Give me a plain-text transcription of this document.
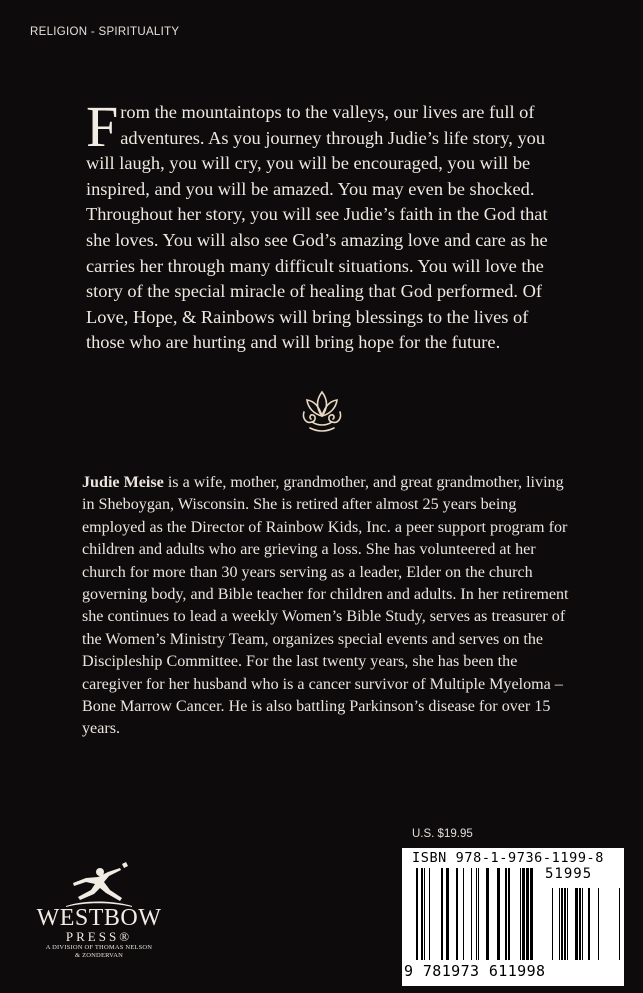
RELIGION - SPIRITUALITY

From the mountaintops to the valleys, our lives are full of adventures. As you journey through Judie’s life story, you will laugh, you will cry, you will be encouraged, you will be inspired, and you will be amazed. You may even be shocked. Throughout her story, you will see Judie’s faith in the God that she loves. You will also see God’s amazing love and care as he carries her through many difficult situations. You will love the story of the special miracle of healing that God performed. Of Love, Hope, & Rainbows will bring blessings to the lives of those who are hurting and will bring hope for the future.

Judie Meise is a wife, mother, grandmother, and great grandmother, living in Sheboygan, Wisconsin. She is retired after almost 25 years being employed as the Director of Rainbow Kids, Inc. a peer support program for children and adults who are grieving a loss. She has volunteered at her church for more than 30 years serving as a leader, Elder on the church governing body, and Bible teacher for children and adults. In her retirement she continues to lead a weekly Women’s Bible Study, serves as treasurer of the Women’s Ministry Team, organizes special events and serves on the Discipleship Committee. For the last twenty years, she has been the caregiver for her husband who is a cancer survivor of Multiple Myeloma – Bone Marrow Cancer. He is also battling Parkinson’s disease for over 15 years.

U.S. $19.95
ISBN 978-1-9736-1199-8
51995
9 781973 611998
WESTBOW
PRESS®
A DIVISION OF THOMAS NELSON
& ZONDERVAN
